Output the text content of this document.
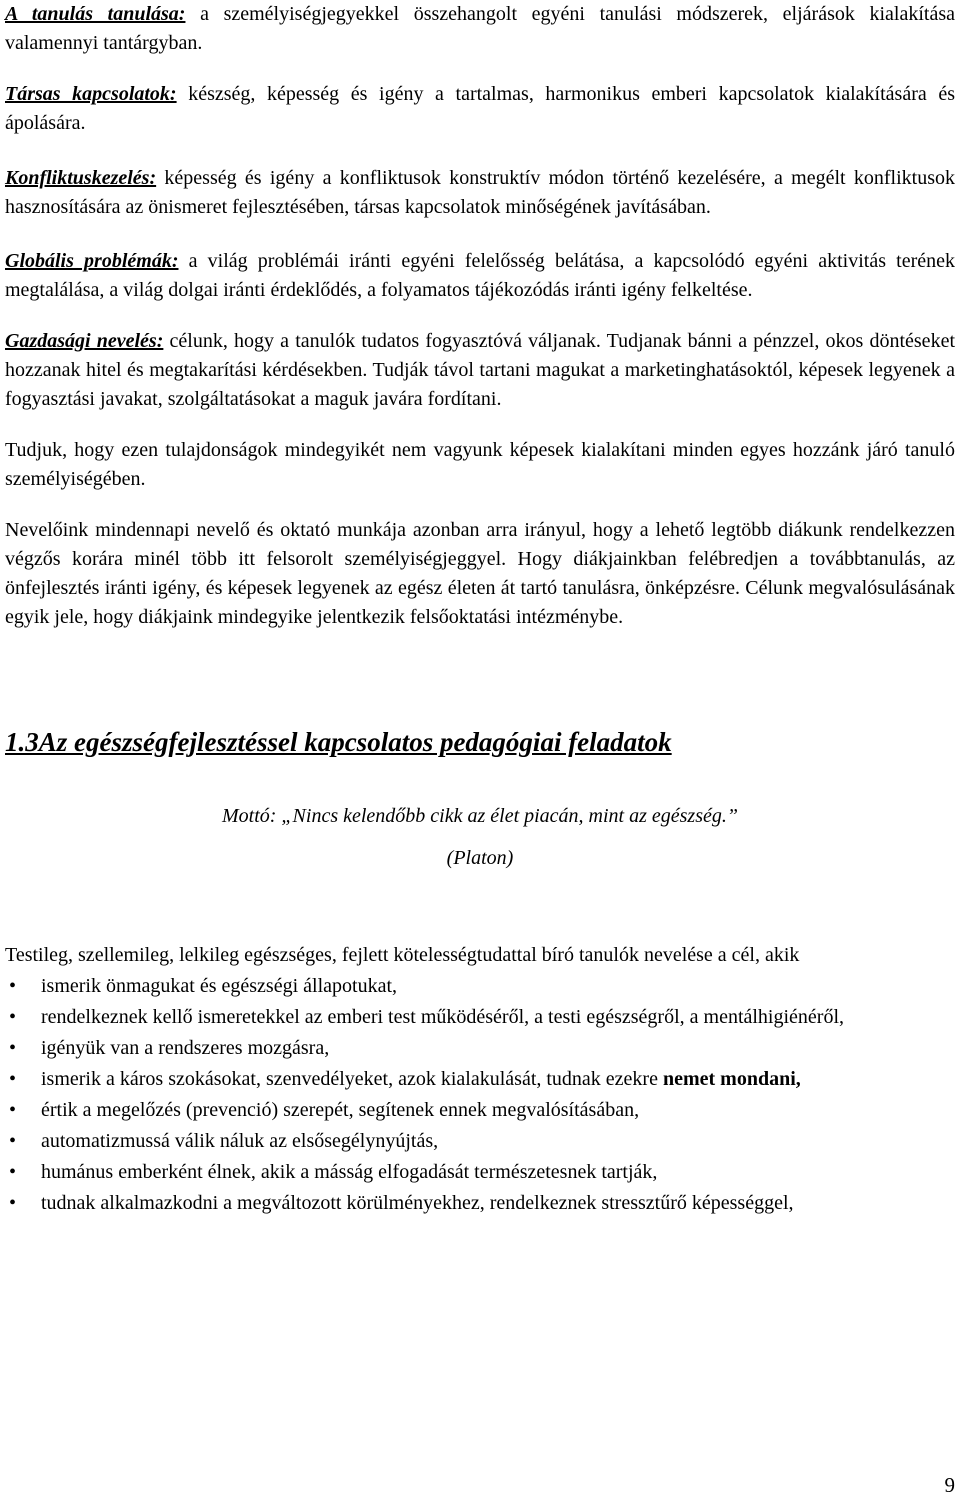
A tanulás tanulása: a személyiségjegyekkel összehangolt egyéni tanulási módszerek, eljárások kialakítása valamennyi tantárgyban.

Társas kapcsolatok: készség, képesség és igény a tartalmas, harmonikus emberi kapcsolatok kialakítására és ápolására.

Konfliktuskezelés: képesség és igény a konfliktusok konstruktív módon történő kezelésére, a megélt konfliktusok hasznosítására az önismeret fejlesztésében, társas kapcsolatok minőségének javításában.

Globális problémák: a világ problémái iránti egyéni felelősség belátása, a kapcsolódó egyéni aktivitás terének megtalálása, a világ dolgai iránti érdeklődés, a folyamatos tájékozódás iránti igény felkeltése.

Gazdasági nevelés: célunk, hogy a tanulók tudatos fogyasztóvá váljanak. Tudjanak bánni a pénzzel, okos döntéseket hozzanak hitel és megtakarítási kérdésekben. Tudják távol tartani magukat a marketinghatásoktól, képesek legyenek a fogyasztási javakat, szolgáltatásokat a maguk javára fordítani.

Tudjuk, hogy ezen tulajdonságok mindegyikét nem vagyunk képesek kialakítani minden egyes hozzánk járó tanuló személyiségében.

Nevelőink mindennapi nevelő és oktató munkája azonban arra irányul, hogy a lehető legtöbb diákunk rendelkezzen végzős korára minél több itt felsorolt személyiségjeggyel. Hogy diákjainkban felébredjen a továbbtanulás, az önfejlesztés iránti igény, és képesek legyenek az egész életen át tartó tanulásra, önképzésre. Célunk megvalósulásának egyik jele, hogy diákjaink mindegyike jelentkezik felsőoktatási intézménybe.

1.3Az egészségfejlesztéssel kapcsolatos pedagógiai feladatok

Mottó: „Nincs kelendőbb cikk az élet piacán, mint az egészség.”

(Platon)

Testileg, szellemileg, lelkileg egészséges, fejlett kötelességtudattal bíró tanulók nevelése a cél, akik

• ismerik önmagukat és egészségi állapotukat,
• rendelkeznek kellő ismeretekkel az emberi test működéséről, a testi egészségről, a mentálhigiénéről,
• igényük van a rendszeres mozgásra,
• ismerik a káros szokásokat, szenvedélyeket, azok kialakulását, tudnak ezekre nemet mondani,
• értik a megelőzés (prevenció) szerepét, segítenek ennek megvalósításában,
• automatizmussá válik náluk az elsősegélynyújtás,
• humánus emberként élnek, akik a másság elfogadását természetesnek tartják,
• tudnak alkalmazkodni a megváltozott körülményekhez, rendelkeznek stressztűrő képességgel,
9
